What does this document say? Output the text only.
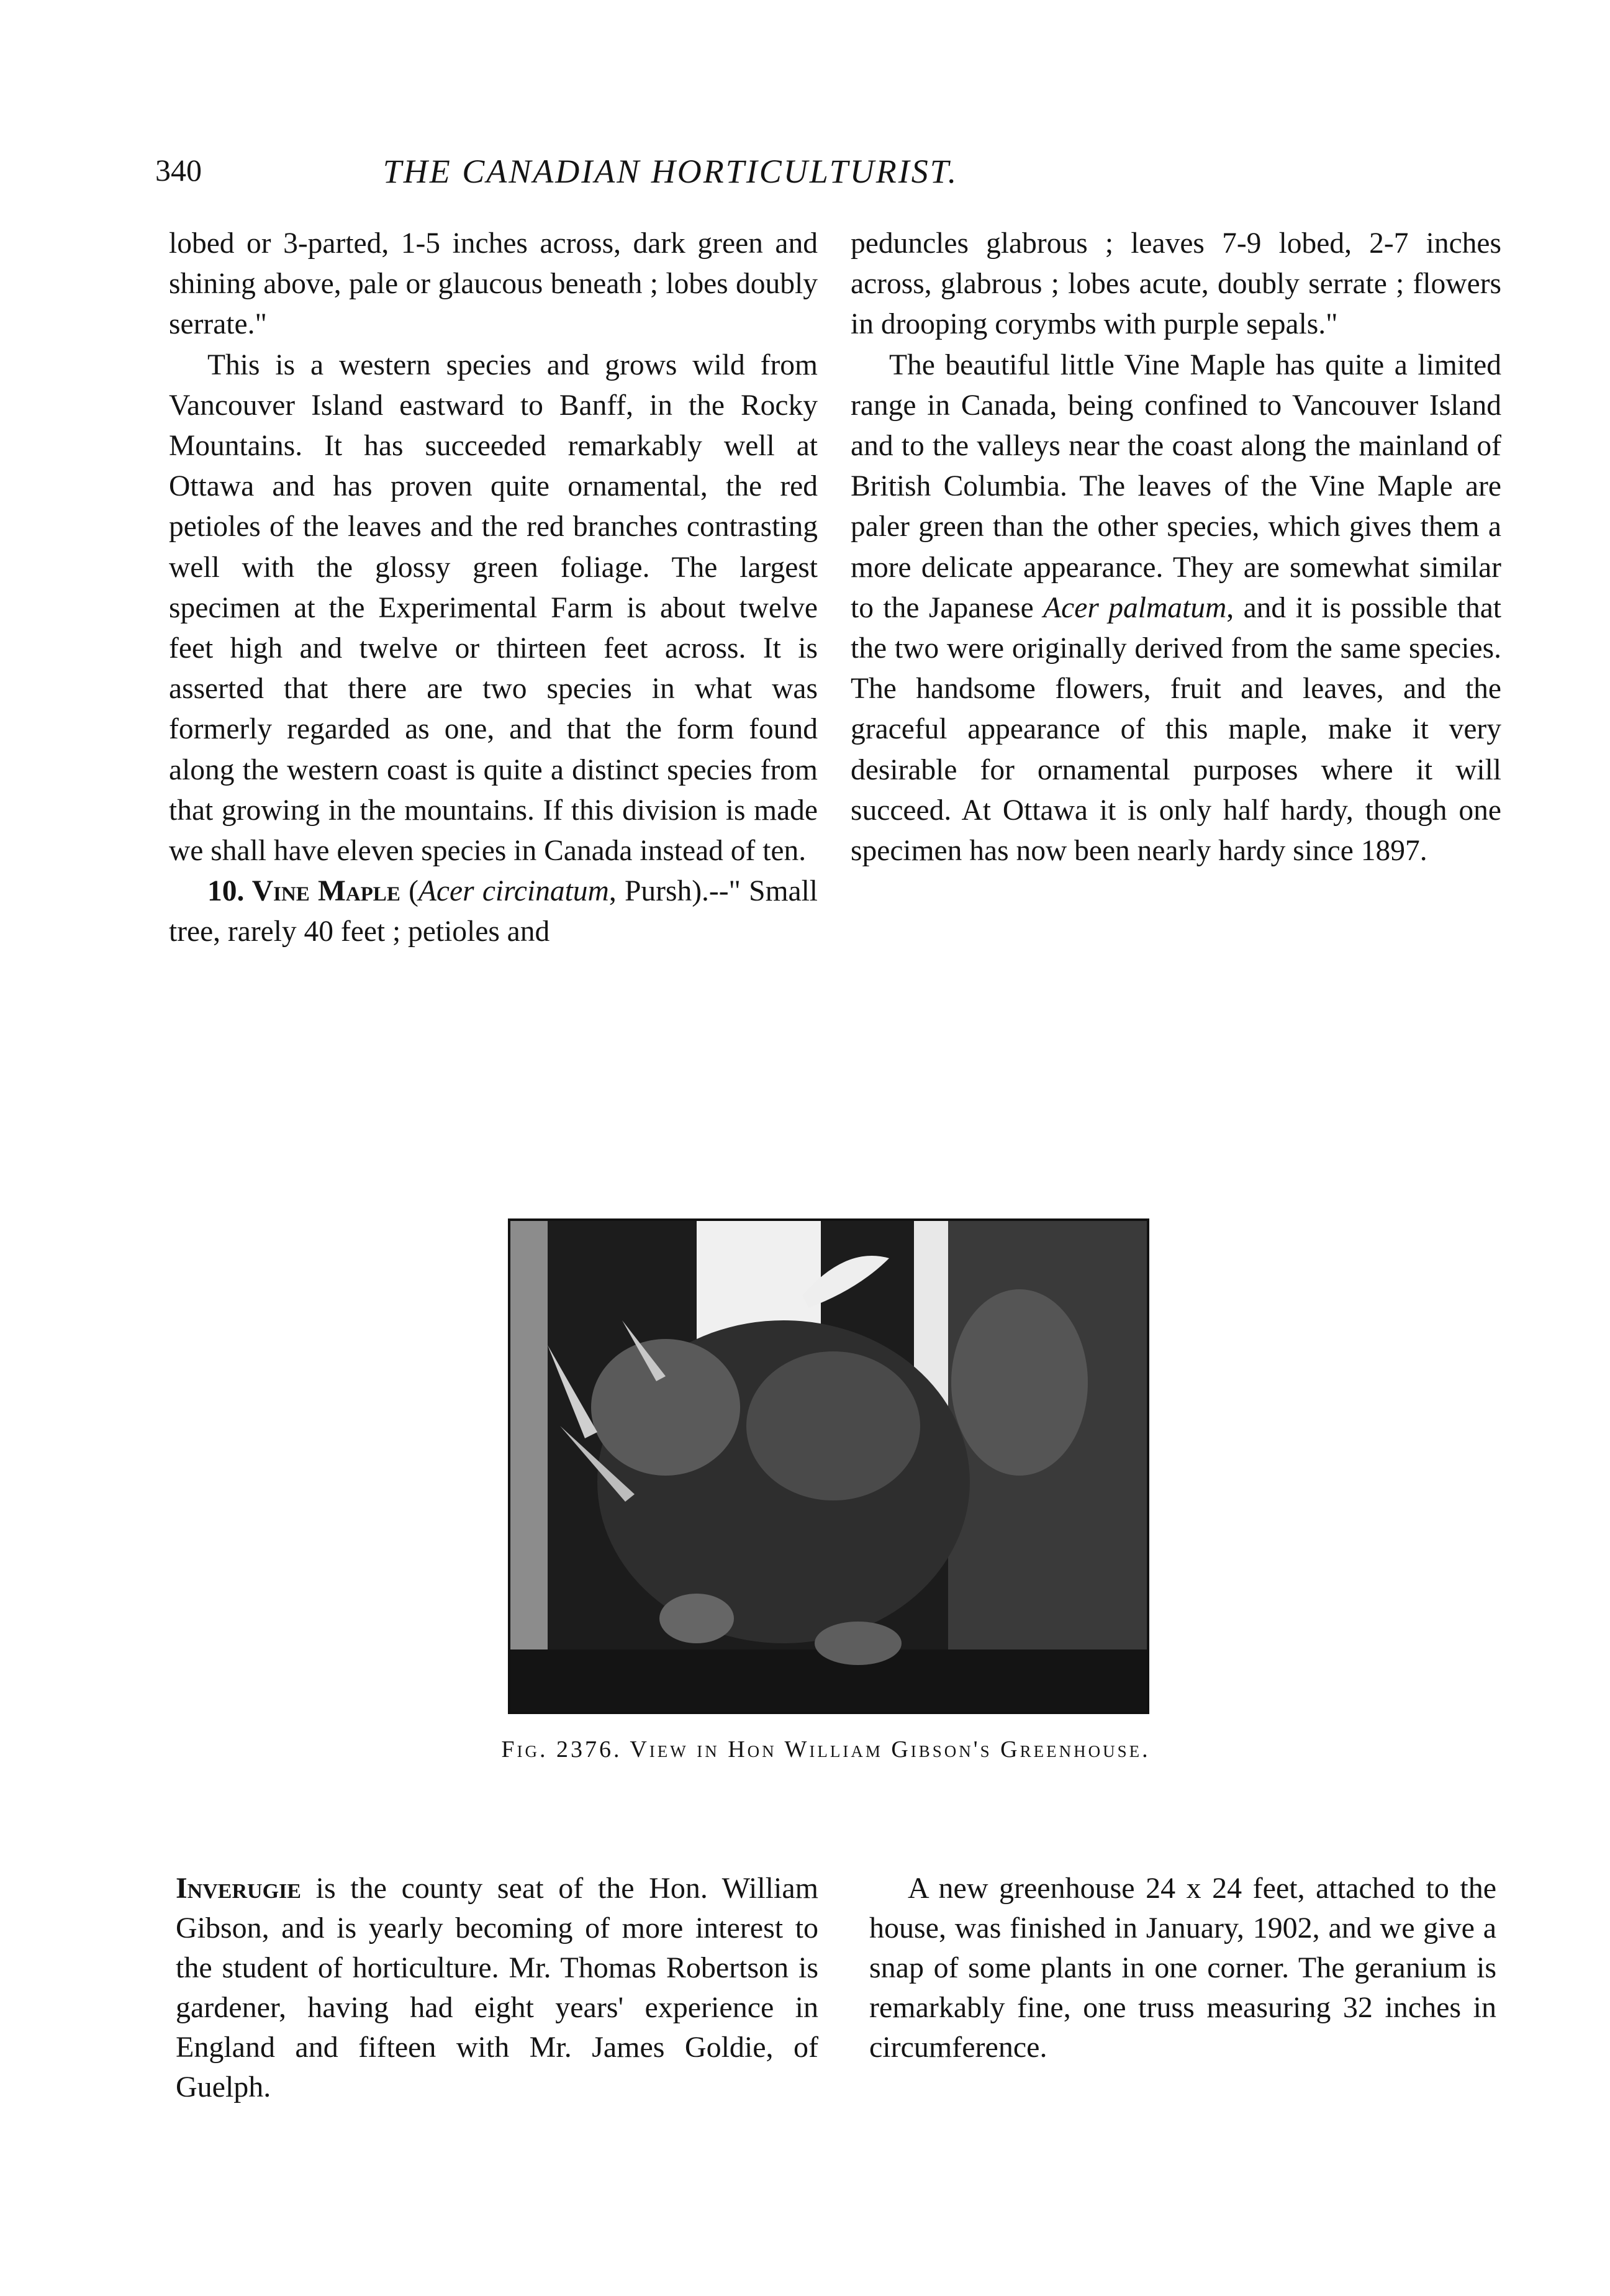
340	THE CANADIAN HORTICULTURIST.

lobed or 3-parted, 1-5 inches across, dark green and shining above, pale or glaucous beneath ; lobes doubly serrate."

This is a western species and grows wild from Vancouver Island eastward to Banff, in the Rocky Mountains. It has succeeded remarkably well at Ottawa and has proven quite ornamental, the red petioles of the leaves and the red branches contrasting well with the glossy green foliage. The largest specimen at the Experimental Farm is about twelve feet high and twelve or thirteen feet across. It is asserted that there are two species in what was formerly regarded as one, and that the form found along the western coast is quite a distinct species from that growing in the mountains. If this division is made we shall have eleven species in Canada instead of ten.

10. Vine Maple (Acer circinatum, Pursh).--" Small tree, rarely 40 feet ; petioles and

peduncles glabrous ; leaves 7-9 lobed, 2-7 inches across, glabrous ; lobes acute, doubly serrate ; flowers in drooping corymbs with purple sepals."

The beautiful little Vine Maple has quite a limited range in Canada, being confined to Vancouver Island and to the valleys near the coast along the mainland of British Columbia. The leaves of the Vine Maple are paler green than the other species, which gives them a more delicate appearance. They are somewhat similar to the Japanese Acer palmatum, and it is possible that the two were originally derived from the same species. The handsome flowers, fruit and leaves, and the graceful appearance of this maple, make it very desirable for ornamental purposes where it will succeed. At Ottawa it is only half hardy, though one specimen has now been nearly hardy since 1897.

Fig. 2376. View in Hon William Gibson's Greenhouse.

Inverugie is the county seat of the Hon. William Gibson, and is yearly becoming of more interest to the student of horticulture. Mr. Thomas Robertson is gardener, having had eight years' experience in England and fifteen with Mr. James Goldie, of Guelph.

A new greenhouse 24 x 24 feet, attached to the house, was finished in January, 1902, and we give a snap of some plants in one corner. The geranium is remarkably fine, one truss measuring 32 inches in circumference.
